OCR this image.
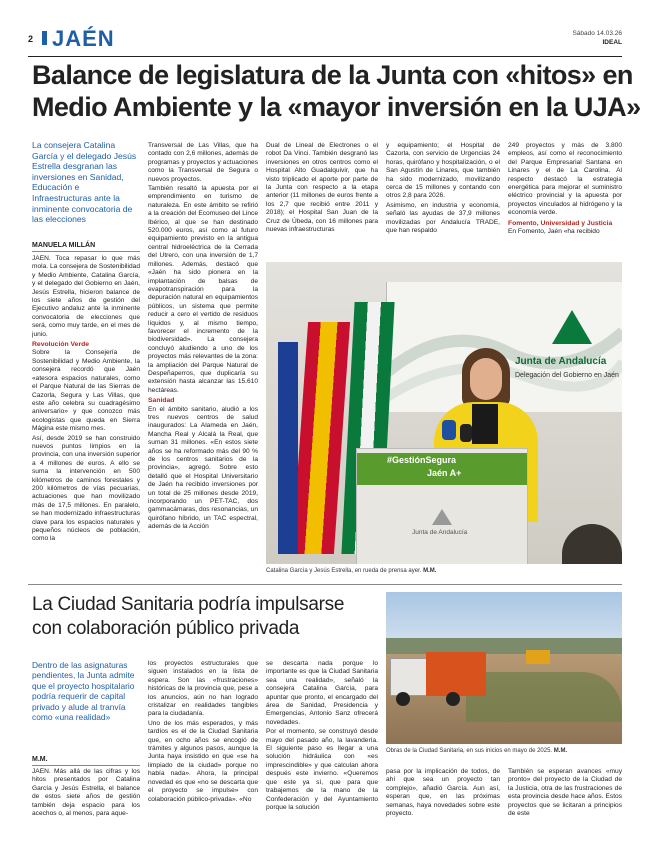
2 JAÉN	Sábado 14.03.26
IDEAL
Balance de legislatura de la Junta con «hitos» en
Medio Ambiente y la «mayor inversión en la UJA»
La consejera Catalina García y el delegado Jesús Estrella desgranan las inversiones en Sanidad, Educación e Infraestructuras ante la inminente convocatoria de las elecciones
MANUELA MILLÁN

JAÉN. Toca repasar lo que más mola. La consejera de Sostenibilidad y Medio Ambiente, Catalina García, y el delegado del Gobierno en Jaén, Jesús Estrella, hicieron balance de los siete años de gestión del Ejecutivo andaluz ante la inminente convocatoria de elecciones que será, como muy tarde, en el mes de junio.

Revolución Verde

Sobre la Consejería de Sostenibilidad y Medio Ambiente, la consejera recordó que Jaén «atesora espacios naturales, como el Parque Natural de las Sierras de Cazorla, Segura y Las Villas, que este año celebra su cuadragésimo aniversario» y que conozco más ecologistas que queda en Sierra Mágina este mismo mes.

Así, desde 2019 se han construido nuevos puntos limpios en la provincia, con una inversión superior a 4 millones de euros. A ello se suma la intervención en 500 kilómetros de caminos forestales y 200 kilómetros de vías pecuarias, actuaciones que han movilizado más de 17,5 millones. En paralelo, se han modernizado infraestructuras clave para los espacios naturales y pequeños núcleos de población, como la

Transversal de Las Villas, que ha contado con 2,6 millones, además de programas y proyectos y actuaciones como la Transversal de Segura o nuevos proyectos.

También resaltó la apuesta por el emprendimiento en turismo de naturaleza. En este ámbito se refirió a la creación del Ecomuseo del Lince Ibérico, al que se han destinado 520.000 euros, así como al futuro equipamiento previsto en la antigua central hidroeléctrica de la Cerrada del Utrero, con una inversión de 1,7 millones. Además, destacó que «Jaén ha sido pionera en la implantación de balsas de evapotranspiración para la depuración natural en equipamientos públicos, un sistema que permite reducir a cero el vertido de residuos líquidos y, al mismo tiempo, favorecer el incremento de la biodiversidad». La consejera concluyó aludiendo a uno de los proyectos más relevantes de la zona: la ampliación del Parque Natural de Despeñaperros, que duplicaría su extensión hasta alcanzar las 15.610 hectáreas.

Sanidad

En el ámbito sanitario, aludió a los tres nuevos centros de salud inaugurados: La Alameda en Jaén, Mancha Real y Alcalá la Real, que suman 31 millones. «En estos siete años se ha reformado más del 90 % de los centros sanitarios de la provincia», agregó. Sobre esto detalló que el Hospital Universitario de Jaén ha recibido inversiones por un total de 25 millones desde 2019, incorporando un PET-TAC, dos gammacámaras, dos resonancias, un quirófano híbrido, un TAC espectral, además de la Acción

Dual de Lineal de Electrones o el robot Da Vinci. También desgranó las inversiones en otros centros como el Hospital Alto Guadalquivir, que ha visto triplicado el aporte por parte de la Junta con respecto a la etapa anterior (11 millones de euros frente a los 2,7 que recibió entre 2011 y 2018); el Hospital San Juan de la Cruz de Úbeda, con 16 millones para nuevas infraestructuras

y equipamiento; el Hospital de Cazorla, con servicio de Urgencias 24 horas, quirófano y hospitalización, o el San Agustín de Linares, que también ha sido modernizado, movilizando cerca de 15 millones y contando con otros 2,8 para 2026.

Asimismo, en industria y economía, señaló las ayudas de 37,9 millones movilizadas por Andalucía TRADE, que han respaldo

249 proyectos y más de 3.800 empleos, así como el reconocimiento del Parque Empresarial Santana en Linares y el de La Carolina. Al respecto destacó la estrategia energética para mejorar el suministro eléctrico provincial y la apuesta por proyectos vinculados al hidrógeno y la economía verde.

Fomento, Universidad y Justicia

En Fomento, Jaén «ha recibido

Junta de Andalucía
Delegación del Gobierno en Jaén
#GestiónSegura
Jaén A+
Junta de Andalucía
Catalina García y Jesús Estrella, en rueda de prensa ayer. M.M.
La Ciudad Sanitaria podría impulsarse
con colaboración público privada
Dentro de las asignaturas pendientes, la Junta admite que el proyecto hospitalario podría requerir de capital privado y alude al tranvía como «una realidad»
M.M.

JAÉN. Más allá de las cifras y los hitos presentados por Catalina García y Jesús Estrella, el balance de estos siete años de gestión también deja espacio para los acechos o, al menos, para aque-

los proyectos estructurales que siguen instalados en la lista de espera. Son las «frustraciones» históricas de la provincia que, pese a los anuncios, aún no han logrado cristalizar en realidades tangibles para la ciudadanía.

Uno de los más esperados, y más tardíos es el de la Ciudad Sanitaria que, en ocho años se encogió de trámites y algunos pasos, aunque la Junta haya insistido en que «se ha limpiado de la ciudad» porque no había nada». Ahora, la principal novedad es que «no se descarta que el proyecto se impulse» con colaboración público-privada». «No

se descarta nada porque lo importante es que la Ciudad Sanitaria sea una realidad», señaló la consejera Catalina García, para apuntar que pronto, el encargado del área de Sanidad, Presidencia y Emergencias, Antonio Sanz ofrecerá novedades.

Por el momento, se construyó desde mayo del pasado año, la lavandería. El siguiente paso es llegar a una solución hidráulica con «es imprescindible» y que calculan ahora después este invierno. «Queremos que este ya sí, que para que trabajemos de la mano de la Confederación y del Ayuntamiento porque la solución

pasa por la implicación de todos, de ahí que sea un proyecto tan complejo», añadió García. Aun así, esperan que, en las próximas semanas, haya novedades sobre este proyecto.

También se esperan avances «muy pronto» del proyecto de la Ciudad de la Justicia, otra de las frustraciones de esta provincia desde hace años. Estos proyectos que se licitaran a principios de este

Obras de la Ciudad Sanitaria, en sus inicios en mayo de 2025. M.M.
